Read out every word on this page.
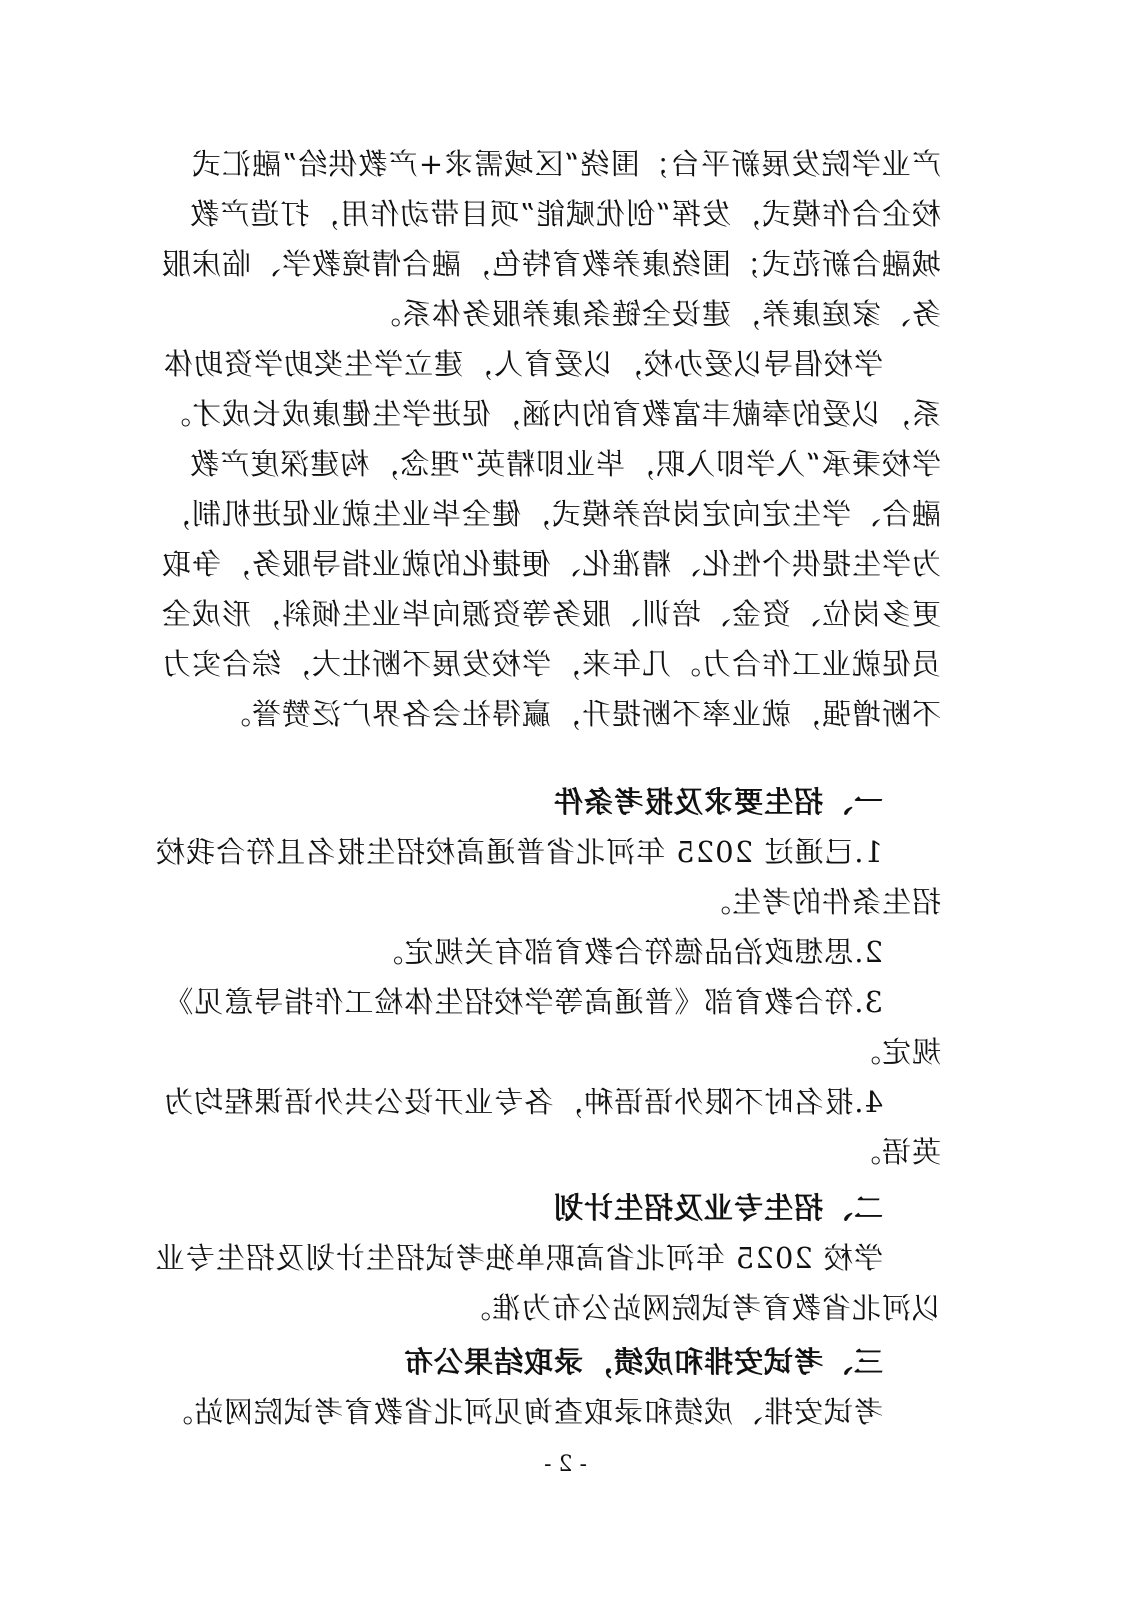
产业学院发展新平台；围绕“区域需求+产教供给”融汇式
校企合作模式，发挥“创优赋能”项目带动作用，打造产教
城融合新范式；围绕康养教育特色，融合情境教学、临床服
务、家庭康养，建设全链条康养服务体系。
学校倡导以爱办校，以爱育人，建立学生奖助学资助体
系，以爱的奉献丰富教育的内涵，促进学生健康成长成才。
学校秉承“入学即入职，毕业即精英”理念，构建深度产教
融合、学生定向定岗培养模式，健全毕业生就业促进机制，
为学生提供个性化、精准化、便捷化的就业指导服务，争取
更多岗位、资金、培训、服务等资源向毕业生倾斜，形成全
员促就业工作合力。几年来，学校发展不断壮大，综合实力
不断增强，就业率不断提升，赢得社会各界广泛赞誉。
一、招生要求及报考条件
1.已通过 2025 年河北省普通高校招生报名且符合我校
招生条件的考生。
2.思想政治品德符合教育部有关规定。
3.符合教育部《普通高等学校招生体检工作指导意见》
规定。
4.报名时不限外语语种，各专业开设公共外语课程均为
英语。
二、招生专业及招生计划
学校 2025 年河北省高职单独考试招生计划及招生专业
以河北省教育考试院网站公布为准。
三、考试安排和成绩，录取结果公布
考试安排、成绩和录取查询见河北省教育考试院网站。
- 2 -
